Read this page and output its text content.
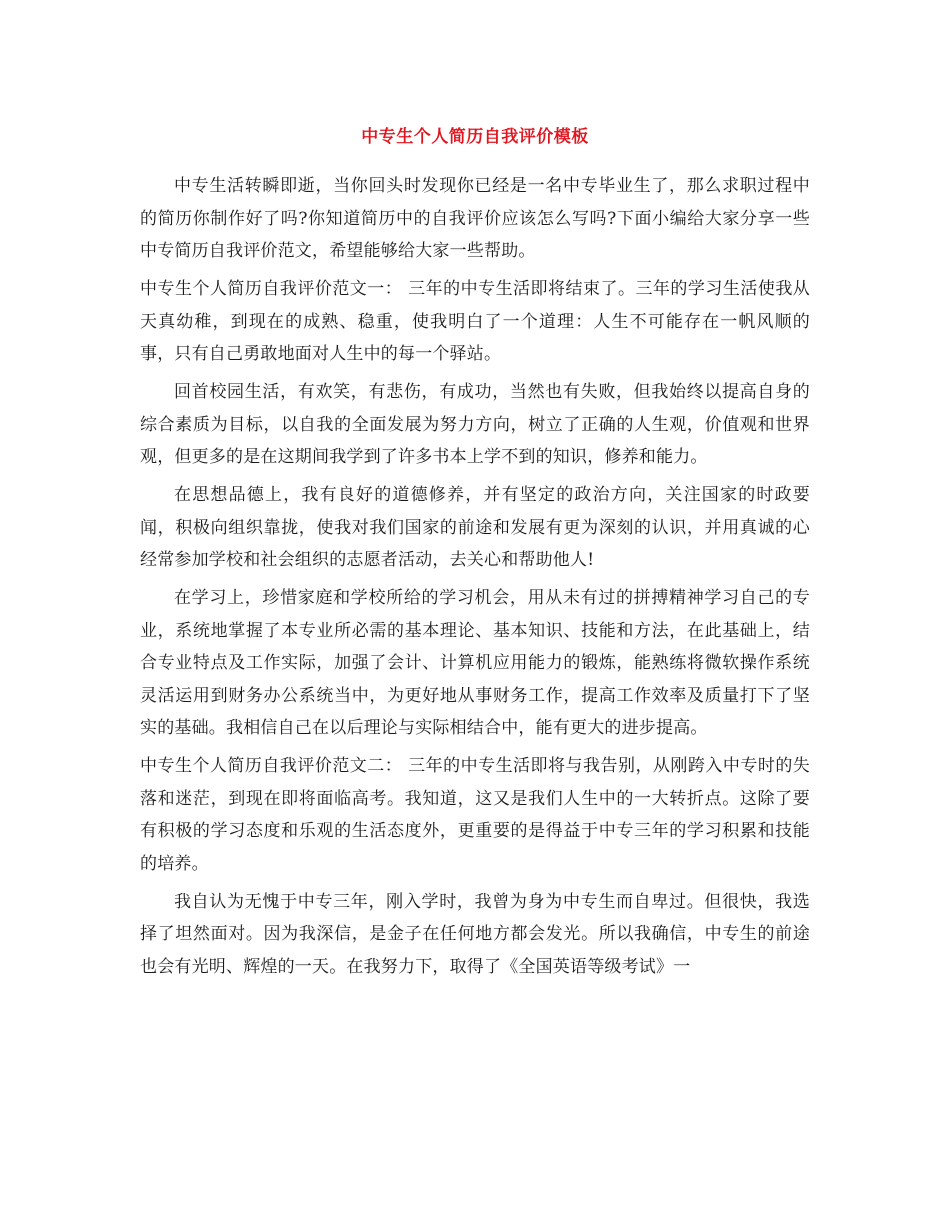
中专生个人简历自我评价模板

中专生活转瞬即逝，当你回头时发现你已经是一名中专毕业生了，那么求职过程中的简历你制作好了吗?你知道简历中的自我评价应该怎么写吗?下面小编给大家分享一些中专简历自我评价范文，希望能够给大家一些帮助。

中专生个人简历自我评价范文一： 三年的中专生活即将结束了。三年的学习生活使我从天真幼稚，到现在的成熟、稳重，使我明白了一个道理：人生不可能存在一帆风顺的事，只有自己勇敢地面对人生中的每一个驿站。

回首校园生活，有欢笑，有悲伤，有成功，当然也有失败，但我始终以提高自身的综合素质为目标，以自我的全面发展为努力方向，树立了正确的人生观，价值观和世界观，但更多的是在这期间我学到了许多书本上学不到的知识，修养和能力。

在思想品德上，我有良好的道德修养，并有坚定的政治方向，关注国家的时政要闻，积极向组织靠拢，使我对我们国家的前途和发展有更为深刻的认识，并用真诚的心经常参加学校和社会组织的志愿者活动，去关心和帮助他人!

在学习上，珍惜家庭和学校所给的学习机会，用从未有过的拼搏精神学习自己的专业，系统地掌握了本专业所必需的基本理论、基本知识、技能和方法，在此基础上，结合专业特点及工作实际，加强了会计、计算机应用能力的锻炼，能熟练将微软操作系统灵活运用到财务办公系统当中，为更好地从事财务工作，提高工作效率及质量打下了坚实的基础。我相信自己在以后理论与实际相结合中，能有更大的进步提高。

中专生个人简历自我评价范文二： 三年的中专生活即将与我告别，从刚跨入中专时的失落和迷茫，到现在即将面临高考。我知道，这又是我们人生中的一大转折点。这除了要有积极的学习态度和乐观的生活态度外，更重要的是得益于中专三年的学习积累和技能的培养。

我自认为无愧于中专三年，刚入学时，我曾为身为中专生而自卑过。但很快，我选择了坦然面对。因为我深信，是金子在任何地方都会发光。所以我确信，中专生的前途也会有光明、辉煌的一天。在我努力下，取得了《全国英语等级考试》一
